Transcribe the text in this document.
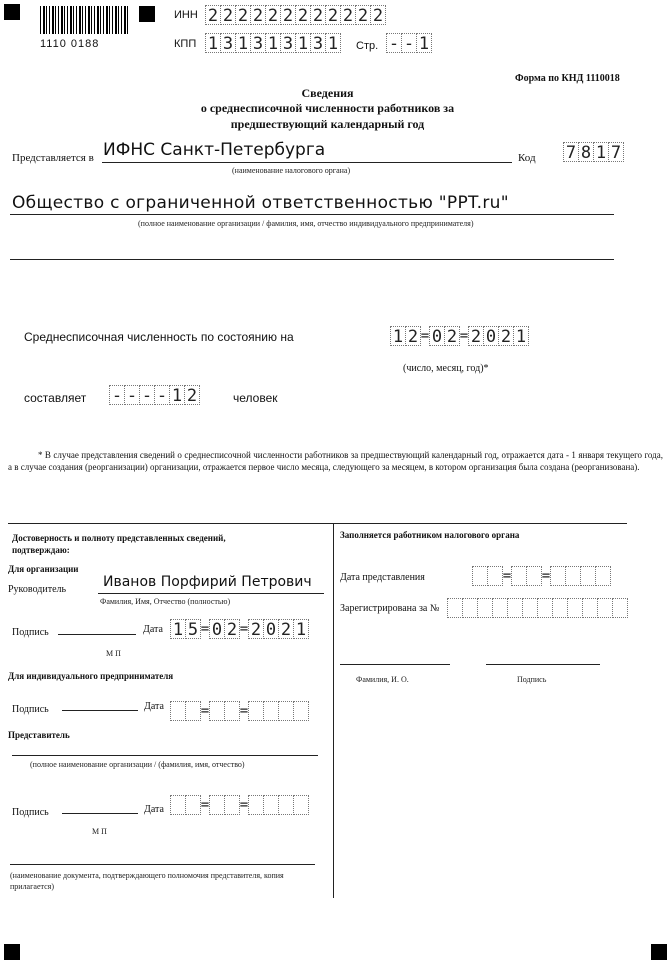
1110 0188
ИНН 2 2 2 2 2 2 2 2 2 2 2 2
КПП 1 3 1 3 1 3 1 3 1 Стр. - - 1
Форма по КНД 1110018
Сведения
о среднесписочной численности работников за
предшествующий календарный год
Представляется в ИФНС Санкт-Петербурга
(наименование налогового органа)
Код 7 8 1 7
Общество с ограниченной ответственностью "PPT.ru"
(полное наименование организации / фамилия, имя, отчество индивидуального предпринимателя)
Среднесписочная численность по состоянию на	1 2 = 0 2 = 2 0 2 1
(число, месяц, год)*
составляет - - - - 1 2	человек
* В случае представления сведений о среднесписочной численности работников за предшествующий календарный год, отражается дата - 1 января текущего года, а в случае создания (реорганизации) организации, отражается первое число месяца, следующего за месяцем, в котором организация была создана (реорганизована).
Достоверность и полноту представленных сведений, подтверждаю:
Для организации
Руководитель	Иванов Порфирий Петрович
Фамилия, Имя, Отчество (полностью)
Подпись	Дата 1 5 = 0 2 = 2 0 2 1
М П
Для индивидуального предпринимателя
Подпись	Дата	= =
Представитель
(полное наименование организации / (фамилия, имя, отчество)
Подпись	Дата	= =
М П
(наименование документа, подтверждающего полномочия представителя, копия прилагается)
Заполняется работником налогового органа
Дата представления	= =
Зарегистрирована за №
Фамилия, И. О.	Подпись
